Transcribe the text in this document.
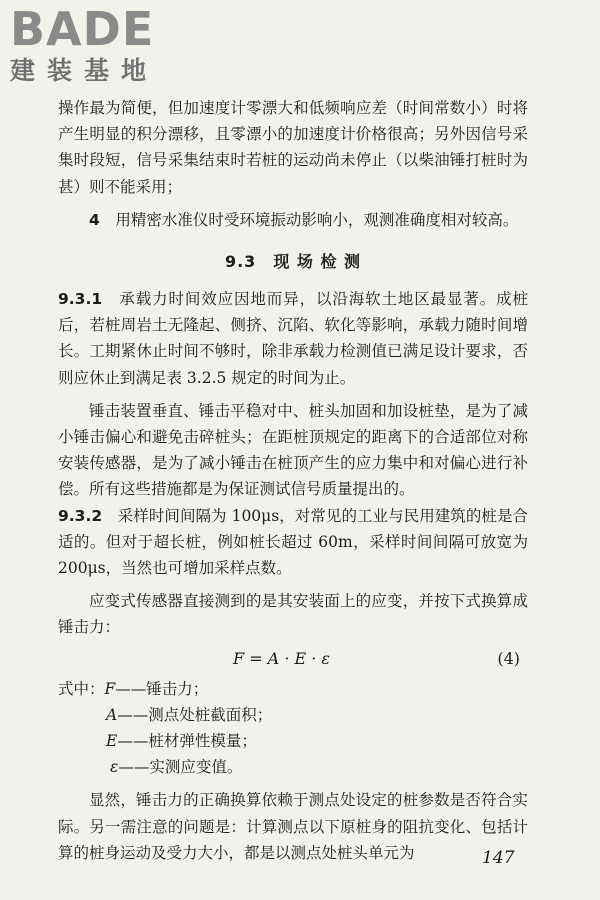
BADE
建装基地

操作最为简便，但加速度计零漂大和低频响应差（时间常数小）时将产生明显的积分漂移，且零漂小的加速度计价格很高；另外因信号采集时段短，信号采集结束时若桩的运动尚未停止（以柴油锤打桩时为甚）则不能采用；

4　 用精密水准仪时受环境振动影响小，观测准确度相对较高。

9.3　 现 场 检 测

9.3.1　 承载力时间效应因地而异，以沿海软土地区最显著。成桩后，若桩周岩土无隆起、侧挤、沉陷、软化等影响，承载力随时间增长。工期紧休止时间不够时，除非承载力检测值已满足设计要求，否则应休止到满足表 3.2.5 规定的时间为止。

锤击装置垂直、锤击平稳对中、桩头加固和加设桩垫，是为了减小锤击偏心和避免击碎桩头；在距桩顶规定的距离下的合适部位对称安装传感器，是为了减小锤击在桩顶产生的应力集中和对偏心进行补偿。所有这些措施都是为保证测试信号质量提出的。

9.3.2　 采样时间间隔为 100μs，对常见的工业与民用建筑的桩是合适的。但对于超长桩，例如桩长超过 60m，采样时间间隔可放宽为 200μs，当然也可增加采样点数。

应变式传感器直接测到的是其安装面上的应变，并按下式换算成锤击力：

F = A · E · ε	(4)
式中：F——锤击力；
A——测点处桩截面积；
E——桩材弹性模量；
ε——实测应变值。

显然，锤击力的正确换算依赖于测点处设定的桩参数是否符合实际。另一需注意的问题是：计算测点以下原桩身的阻抗变化、包括计算的桩身运动及受力大小，都是以测点处桩头单元为	147
